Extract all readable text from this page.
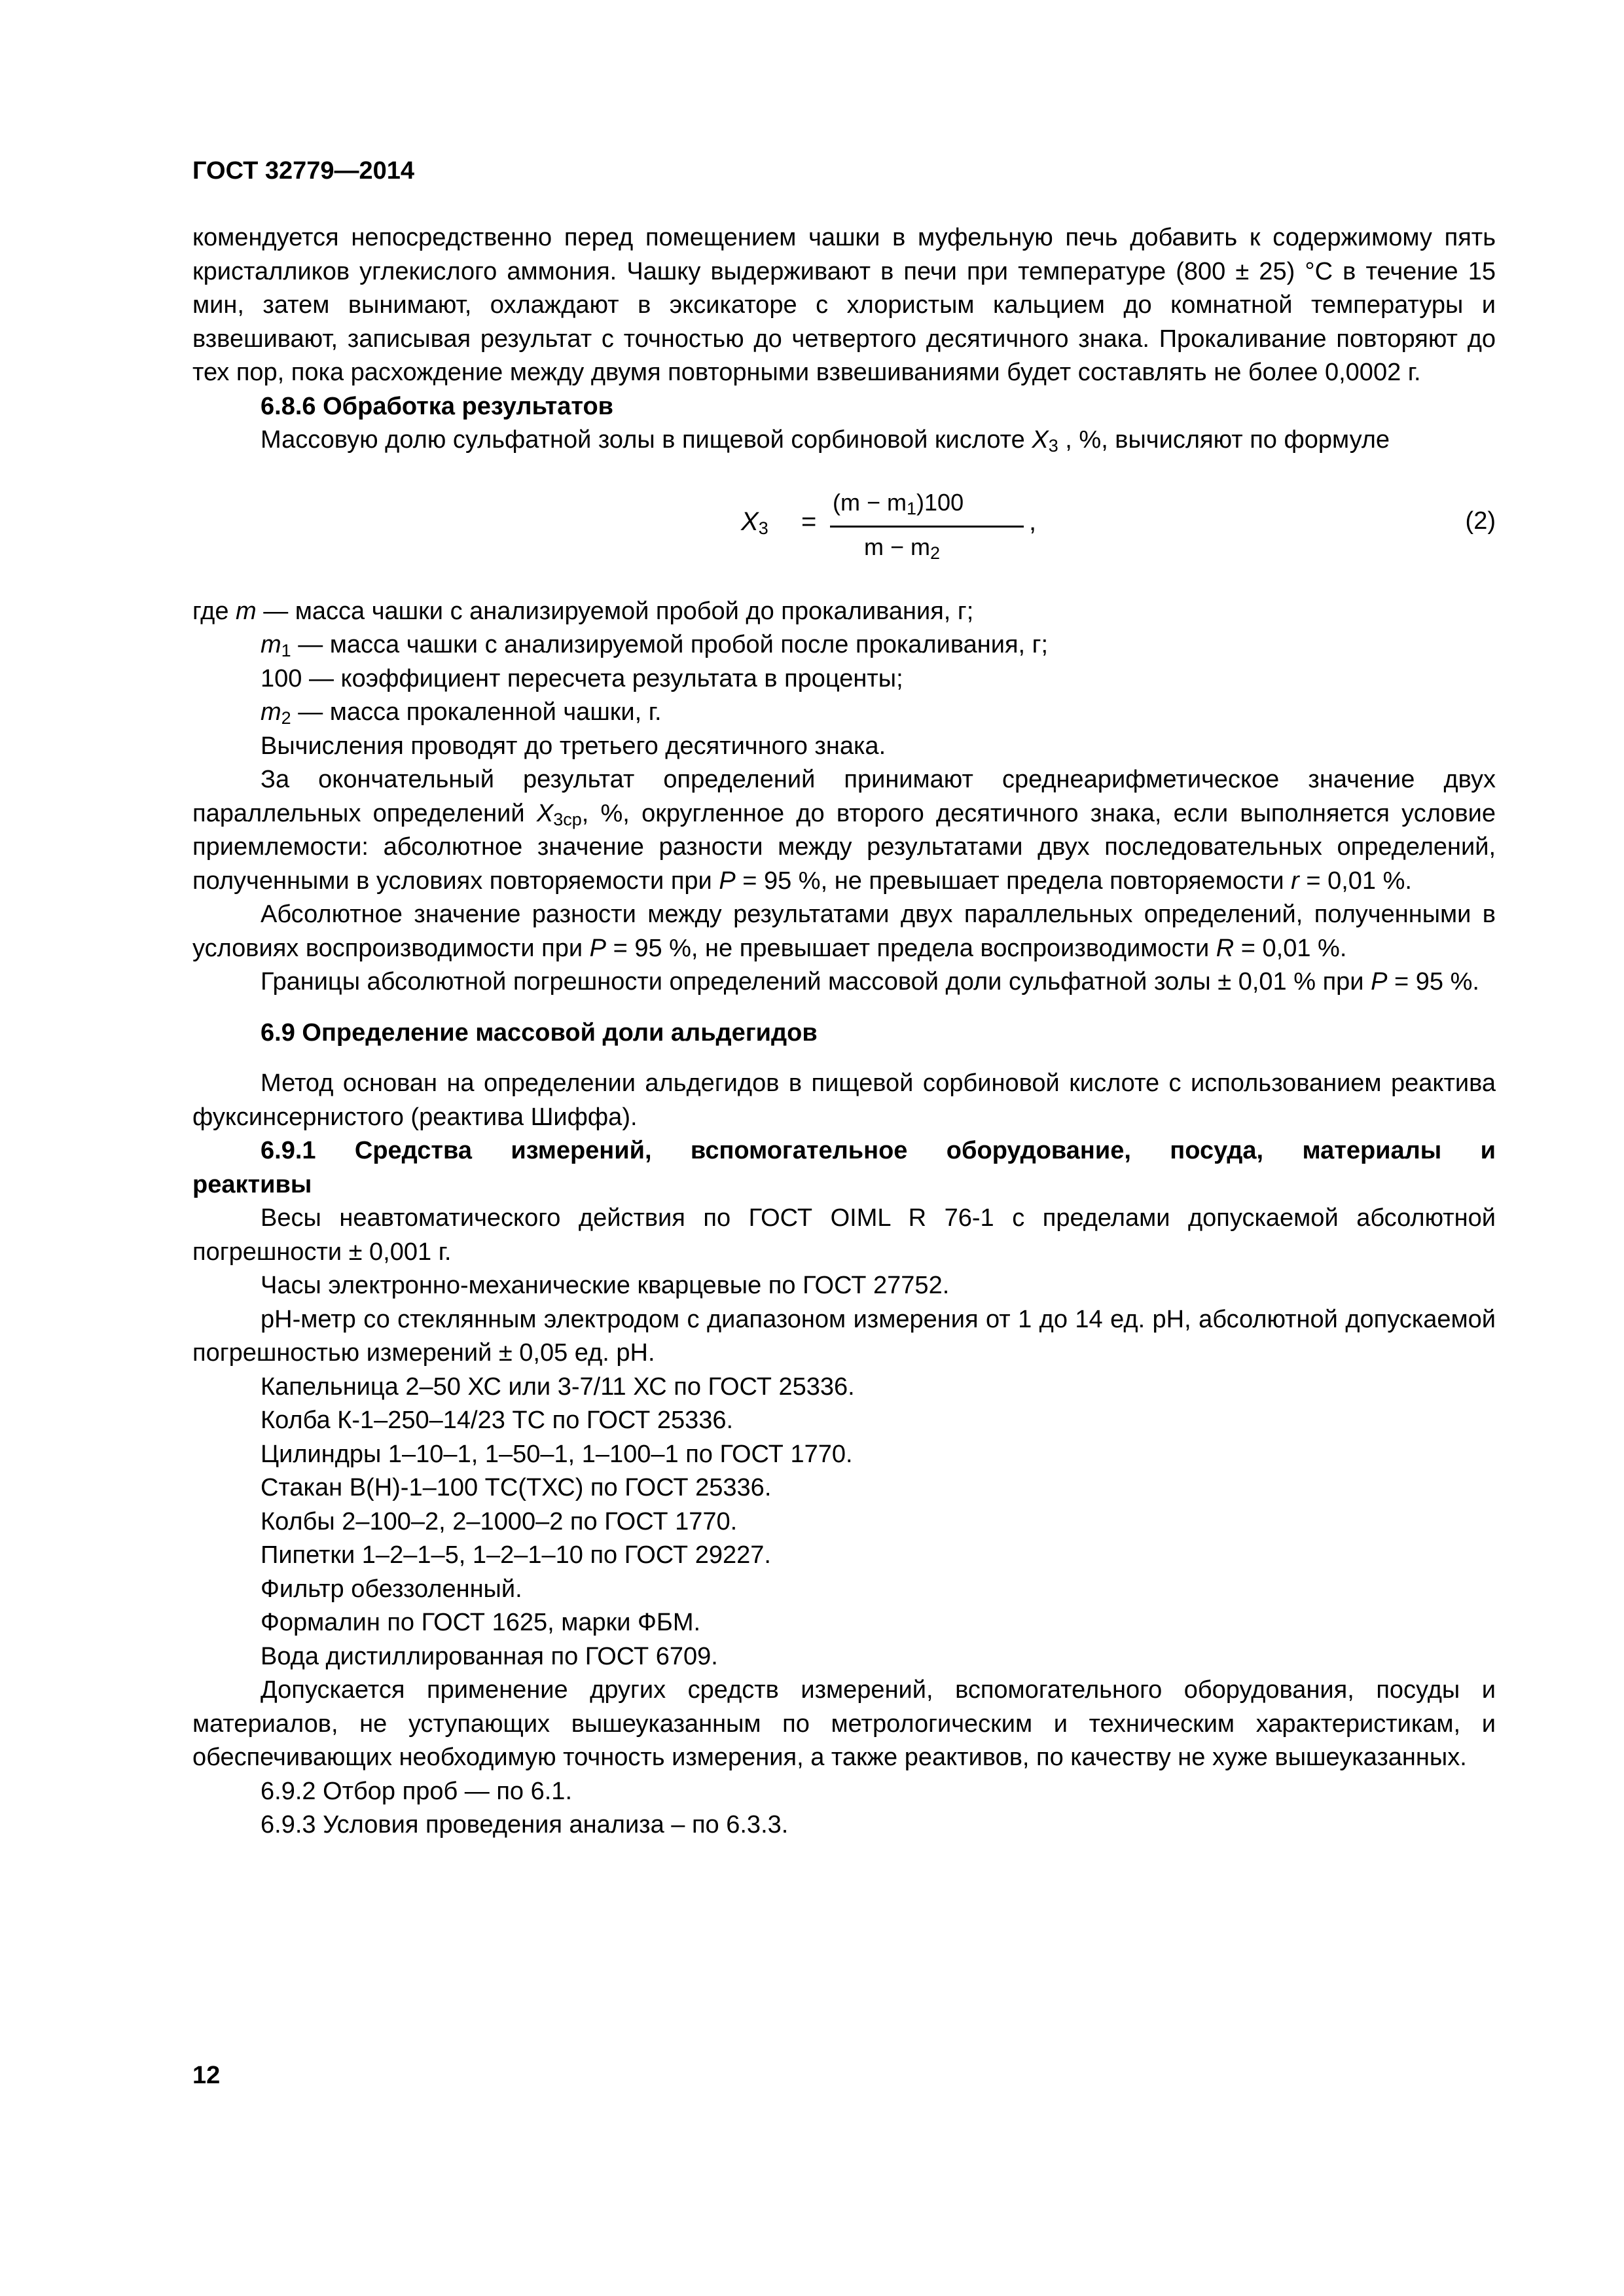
ГОСТ 32779—2014

комендуется непосредственно перед помещением чашки в муфельную печь добавить к содержимому пять кристалликов углекислого аммония. Чашку выдерживают в печи при температуре (800 ± 25) °С в течение 15 мин, затем вынимают, охлаждают в эксикаторе с хлористым кальцием до комнатной температуры и взвешивают, записывая результат с точностью до четвертого десятичного знака. Прокаливание повторяют до тех пор, пока расхождение между двумя повторными взвешиваниями будет составлять не более 0,0002 г.

6.8.6 Обработка результатов

Массовую долю сульфатной золы в пищевой сорбиновой кислоте $X_3$ , %, вычисляют по формуле

$X_3$ =
$(m - m_1)100$
$m - m_2$
,	(2)

где m — масса чашки с анализируемой пробой до прокаливания, г;

$m_1$ — масса чашки с анализируемой пробой после прокаливания, г;

100 — коэффициент пересчета результата в проценты;

$m_2$ — масса прокаленной чашки, г.

Вычисления проводят до третьего десятичного знака.

За окончательный результат определений принимают среднеарифметическое значение двух параллельных определений $X_{3ср}$, %, округленное до второго десятичного знака, если выполняется условие приемлемости: абсолютное значение разности между результатами двух последовательных определений, полученными в условиях повторяемости при P = 95 %, не превышает предела повторяемости r = 0,01 %.

Абсолютное значение разности между результатами двух параллельных определений, полученными в условиях воспроизводимости при P = 95 %, не превышает предела воспроизводимости R = 0,01 %.

Границы абсолютной погрешности определений массовой доли сульфатной золы ± 0,01 % при P = 95 %.

6.9 Определение массовой доли альдегидов

Метод основан на определении альдегидов в пищевой сорбиновой кислоте с использованием реактива фуксинсернистого (реактива Шиффа).

6.9.1 Средства измерений, вспомогательное оборудование, посуда, материалы и

реактивы

Весы неавтоматического действия по ГОСТ OIML R 76-1 с пределами допускаемой абсолютной погрешности ± 0,001 г.

Часы электронно-механические кварцевые по ГОСТ 27752.

pH-метр со стеклянным электродом с диапазоном измерения от 1 до 14 ед. pH, абсолютной допускаемой погрешностью измерений ± 0,05 ед. pH.

Капельница 2–50 ХС или 3-7/11 ХС по ГОСТ 25336.

Колба К-1–250–14/23 ТС по ГОСТ 25336.

Цилиндры 1–10–1, 1–50–1, 1–100–1 по ГОСТ 1770.

Стакан В(Н)-1–100 ТС(ТХС) по ГОСТ 25336.

Колбы 2–100–2, 2–1000–2 по ГОСТ 1770.

Пипетки 1–2–1–5, 1–2–1–10 по ГОСТ 29227.

Фильтр обеззоленный.

Формалин по ГОСТ 1625, марки ФБМ.

Вода дистиллированная по ГОСТ 6709.

Допускается применение других средств измерений, вспомогательного оборудования, посуды и материалов, не уступающих вышеуказанным по метрологическим и техническим характеристикам, и обеспечивающих необходимую точность измерения, а также реактивов, по качеству не хуже вышеуказанных.

6.9.2 Отбор проб — по 6.1.

6.9.3 Условия проведения анализа – по 6.3.3.

12
